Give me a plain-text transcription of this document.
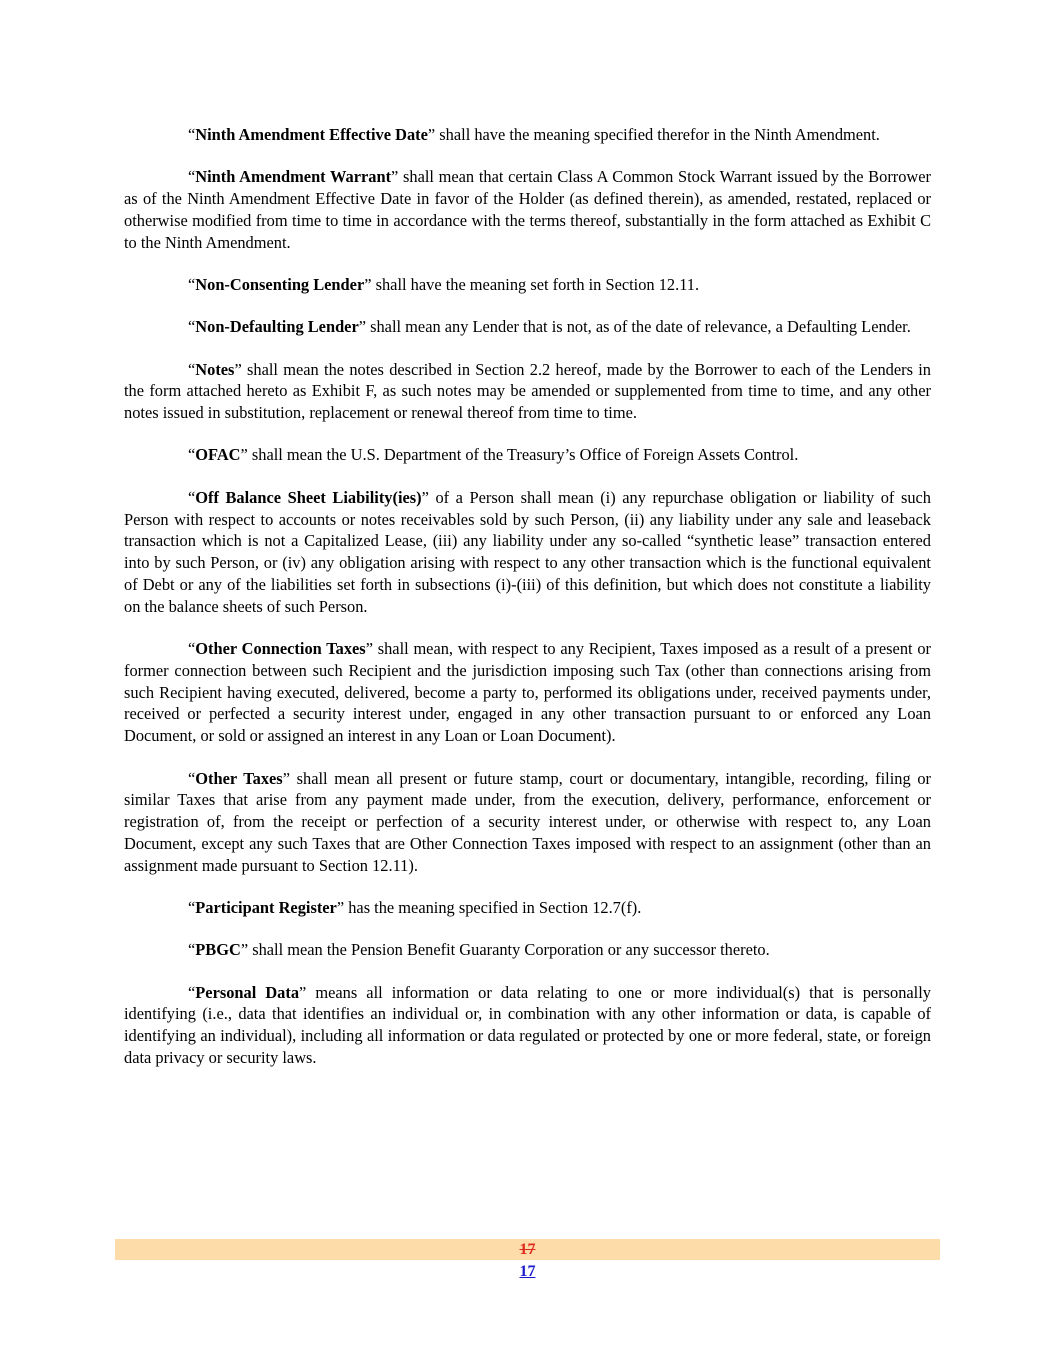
“Ninth Amendment Effective Date” shall have the meaning specified therefor in the Ninth Amendment.

“Ninth Amendment Warrant” shall mean that certain Class A Common Stock Warrant issued by the Borrower as of the Ninth Amendment Effective Date in favor of the Holder (as defined therein), as amended, restated, replaced or otherwise modified from time to time in accordance with the terms thereof, substantially in the form attached as Exhibit C to the Ninth Amendment.

“Non-Consenting Lender” shall have the meaning set forth in Section 12.11.

“Non-Defaulting Lender” shall mean any Lender that is not, as of the date of relevance, a Defaulting Lender.

“Notes” shall mean the notes described in Section 2.2 hereof, made by the Borrower to each of the Lenders in the form attached hereto as Exhibit F, as such notes may be amended or supplemented from time to time, and any other notes issued in substitution, replacement or renewal thereof from time to time.

“OFAC” shall mean the U.S. Department of the Treasury’s Office of Foreign Assets Control.

“Off Balance Sheet Liability(ies)” of a Person shall mean (i) any repurchase obligation or liability of such Person with respect to accounts or notes receivables sold by such Person, (ii) any liability under any sale and leaseback transaction which is not a Capitalized Lease, (iii) any liability under any so-called “synthetic lease” transaction entered into by such Person, or (iv) any obligation arising with respect to any other transaction which is the functional equivalent of Debt or any of the liabilities set forth in subsections (i)-(iii) of this definition, but which does not constitute a liability on the balance sheets of such Person.

“Other Connection Taxes” shall mean, with respect to any Recipient, Taxes imposed as a result of a present or former connection between such Recipient and the jurisdiction imposing such Tax (other than connections arising from such Recipient having executed, delivered, become a party to, performed its obligations under, received payments under, received or perfected a security interest under, engaged in any other transaction pursuant to or enforced any Loan Document, or sold or assigned an interest in any Loan or Loan Document).

“Other Taxes” shall mean all present or future stamp, court or documentary, intangible, recording, filing or similar Taxes that arise from any payment made under, from the execution, delivery, performance, enforcement or registration of, from the receipt or perfection of a security interest under, or otherwise with respect to, any Loan Document, except any such Taxes that are Other Connection Taxes imposed with respect to an assignment (other than an assignment made pursuant to Section 12.11).

“Participant Register” has the meaning specified in Section 12.7(f).

“PBGC” shall mean the Pension Benefit Guaranty Corporation or any successor thereto.

“Personal Data” means all information or data relating to one or more individual(s) that is personally identifying (i.e., data that identifies an individual or, in combination with any other information or data, is capable of identifying an individual), including all information or data regulated or protected by one or more federal, state, or foreign data privacy or security laws.

17
17
